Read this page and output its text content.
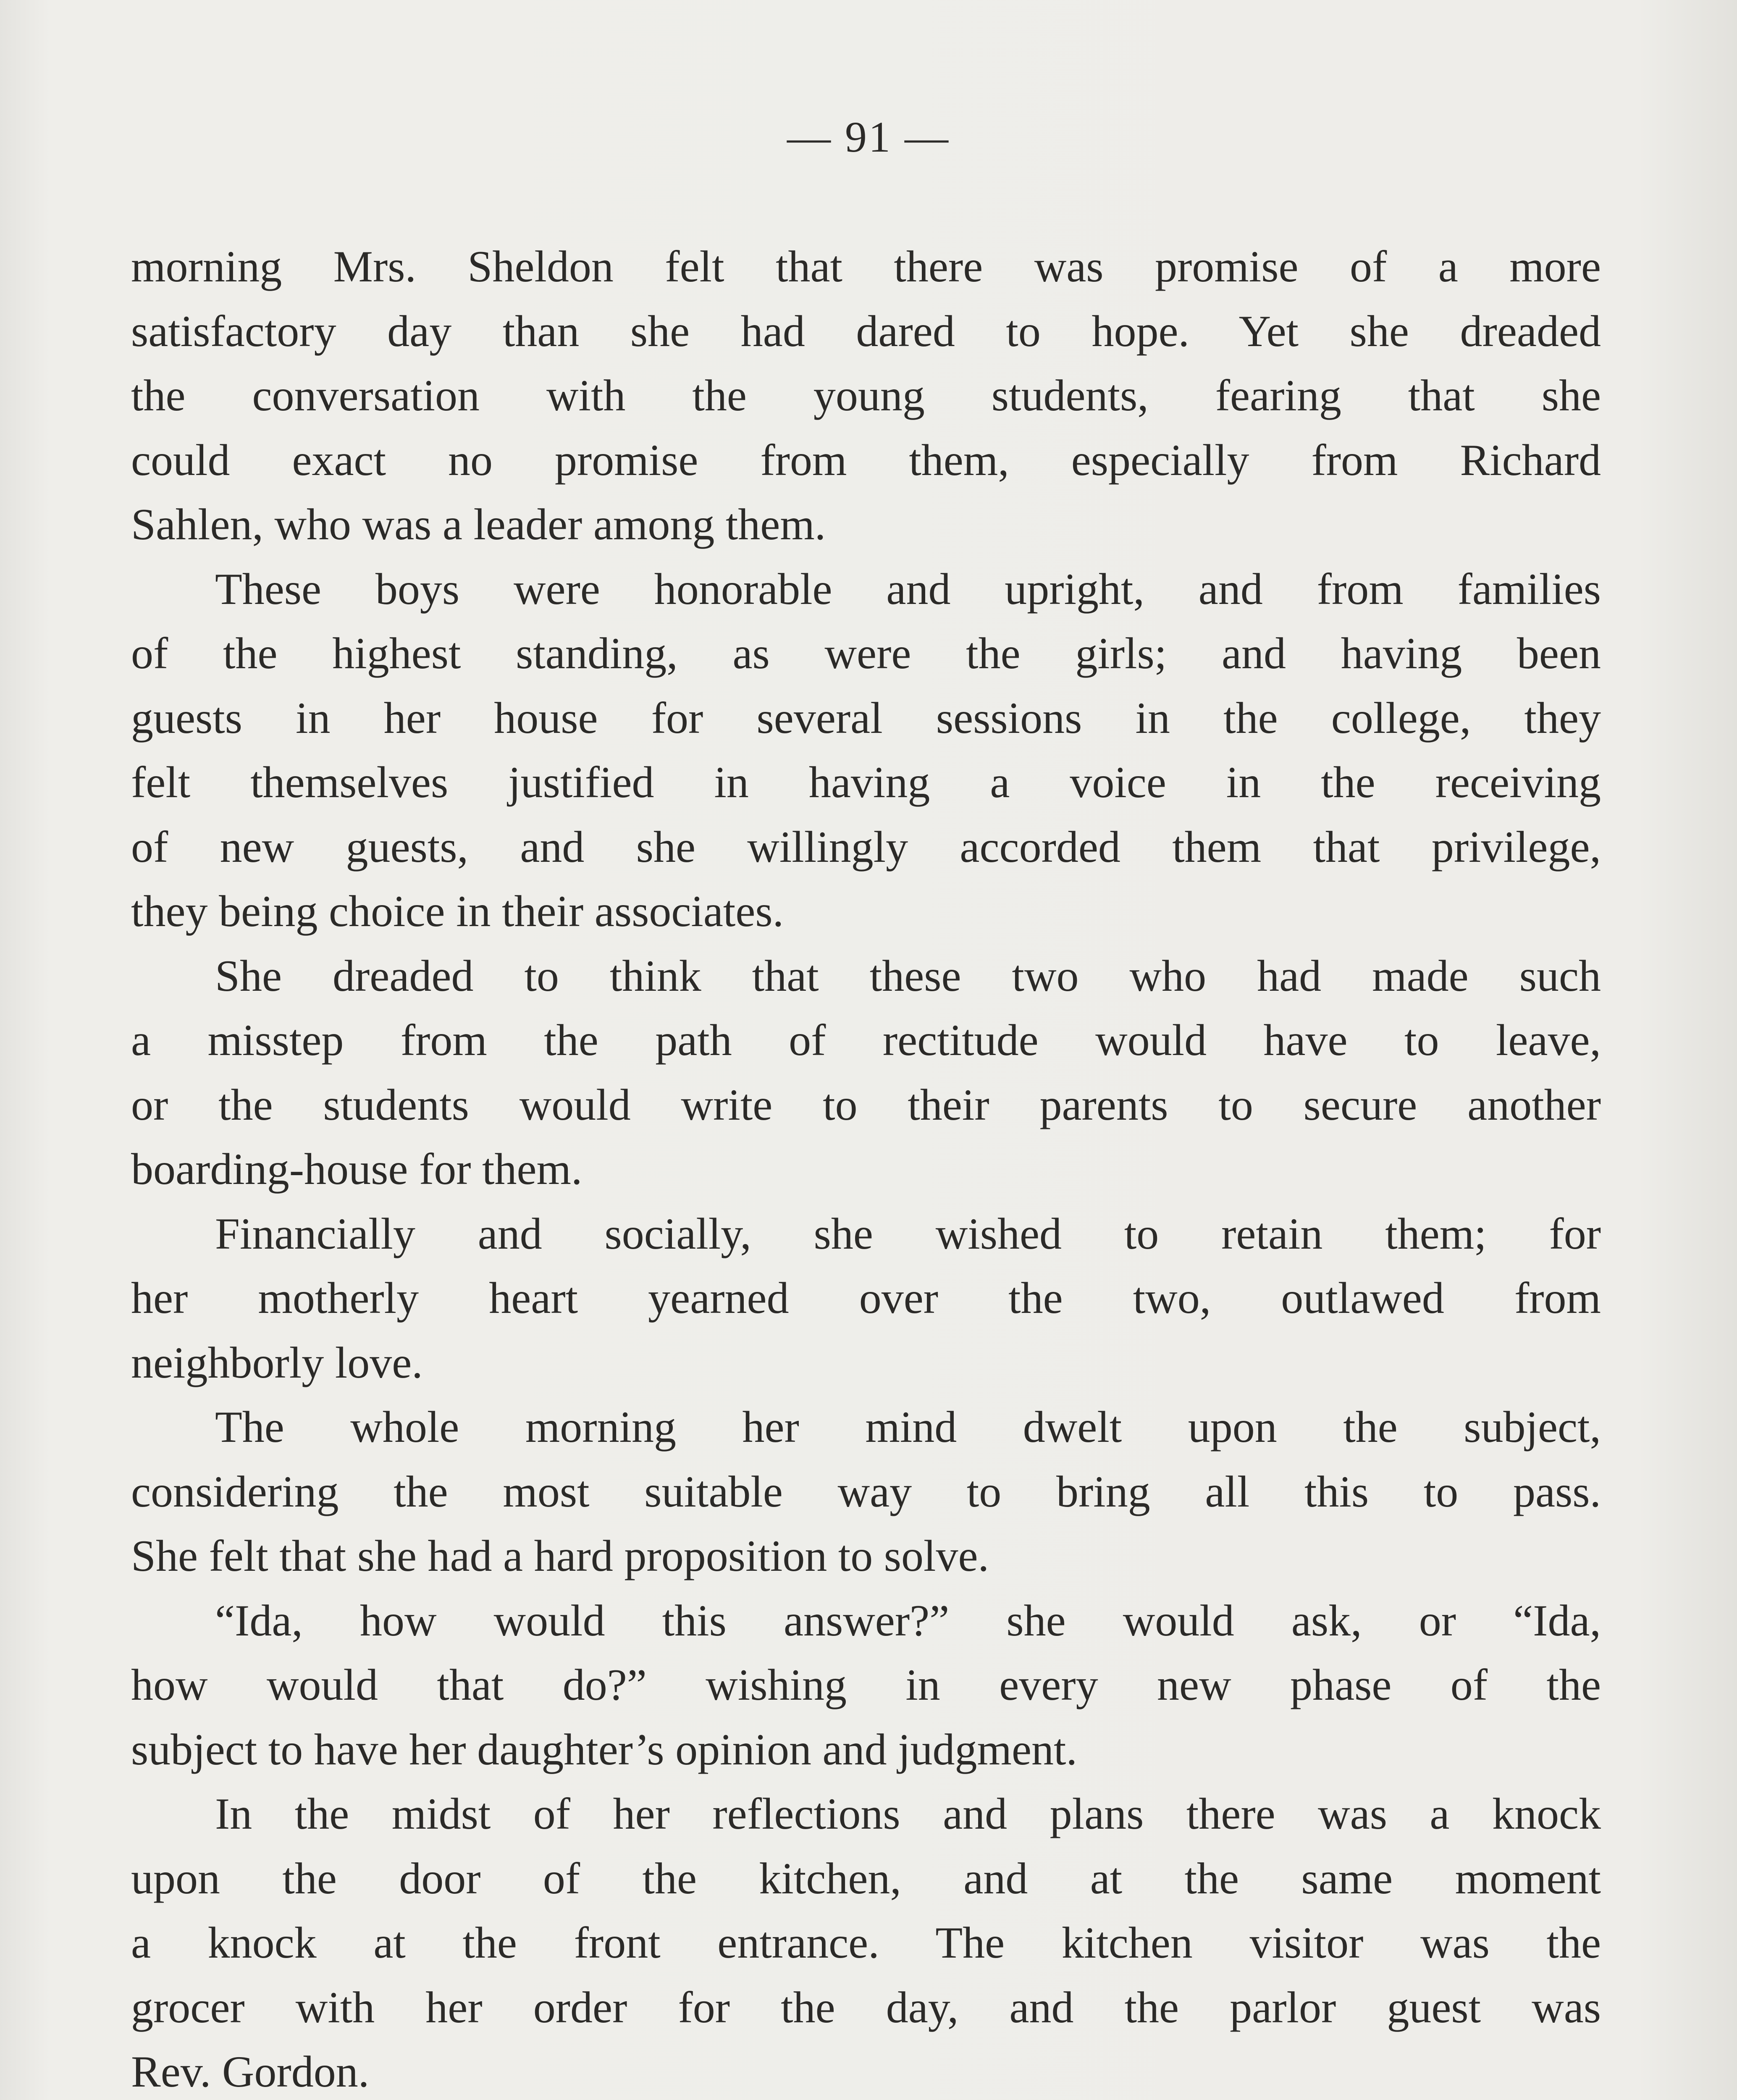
— 91 —
morning Mrs. Sheldon felt that there was promise of a more
satisfactory day than she had dared to hope. Yet she dreaded
the conversation with the young students, fearing that she
could exact no promise from them, especially from Richard
Sahlen, who was a leader among them.
These boys were honorable and upright, and from families
of the highest standing, as were the girls; and having been
guests in her house for several sessions in the college, they
felt themselves justified in having a voice in the receiving
of new guests, and she willingly accorded them that privilege,
they being choice in their associates.
She dreaded to think that these two who had made such
a misstep from the path of rectitude would have to leave,
or the students would write to their parents to secure another
boarding-house for them.
Financially and socially, she wished to retain them; for
her motherly heart yearned over the two, outlawed from
neighborly love.
The whole morning her mind dwelt upon the subject,
considering the most suitable way to bring all this to pass.
She felt that she had a hard proposition to solve.
“Ida, how would this answer?” she would ask, or “Ida,
how would that do?” wishing in every new phase of the
subject to have her daughter’s opinion and judgment.
In the midst of her reflections and plans there was a knock
upon the door of the kitchen, and at the same moment
a knock at the front entrance. The kitchen visitor was the
grocer with her order for the day, and the parlor guest was
Rev. Gordon.
